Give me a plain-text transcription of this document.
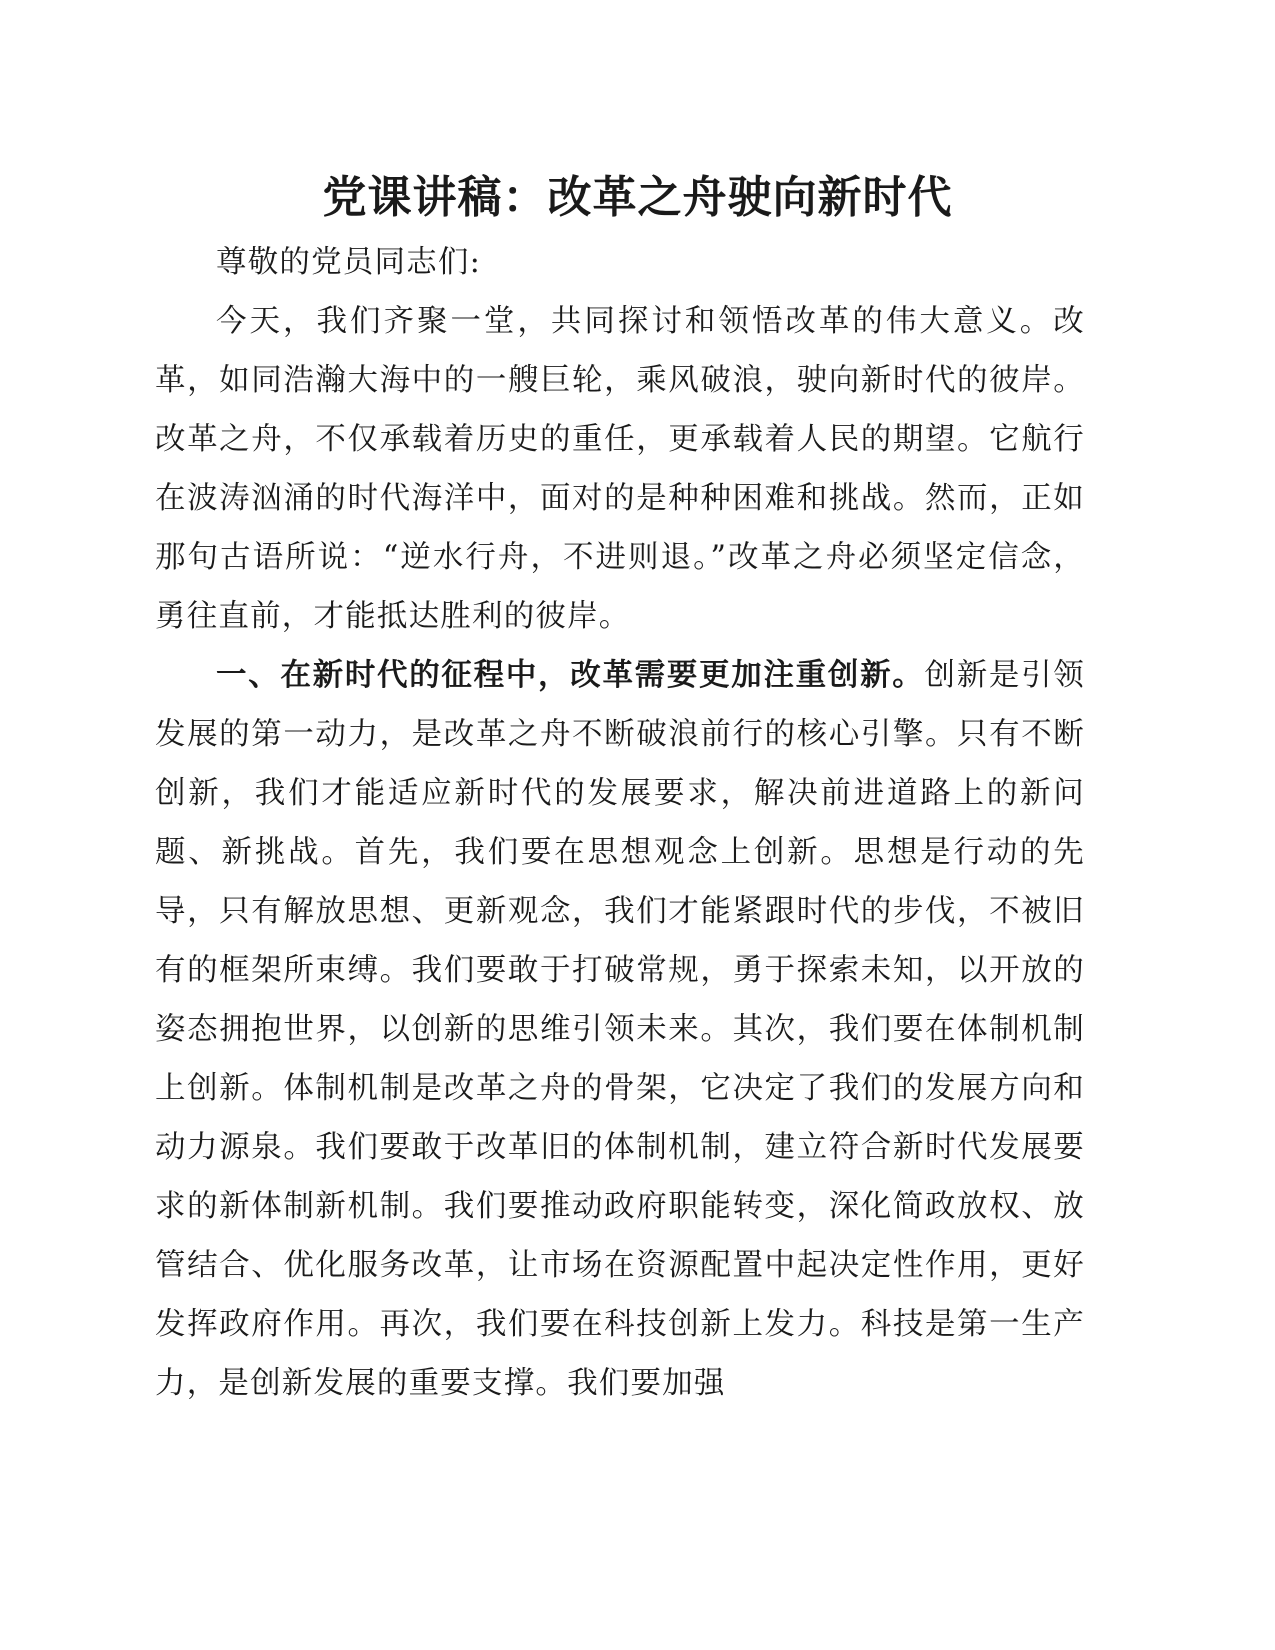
党课讲稿：改革之舟驶向新时代

尊敬的党员同志们:

今天，我们齐聚一堂，共同探讨和领悟改革的伟大意义。改革，如同浩瀚大海中的一艘巨轮，乘风破浪，驶向新时代的彼岸。改革之舟，不仅承载着历史的重任，更承载着人民的期望。它航行在波涛汹涌的时代海洋中，面对的是种种困难和挑战。然而，正如那句古语所说：“逆水行舟，不进则退。”改革之舟必须坚定信念，勇往直前，才能抵达胜利的彼岸。

一、在新时代的征程中，改革需要更加注重创新。创新是引领发展的第一动力，是改革之舟不断破浪前行的核心引擎。只有不断创新，我们才能适应新时代的发展要求，解决前进道路上的新问题、新挑战。首先，我们要在思想观念上创新。思想是行动的先导，只有解放思想、更新观念，我们才能紧跟时代的步伐，不被旧有的框架所束缚。我们要敢于打破常规，勇于探索未知，以开放的姿态拥抱世界，以创新的思维引领未来。其次，我们要在体制机制上创新。体制机制是改革之舟的骨架，它决定了我们的发展方向和动力源泉。我们要敢于改革旧的体制机制，建立符合新时代发展要求的新体制新机制。我们要推动政府职能转变，深化简政放权、放管结合、优化服务改革，让市场在资源配置中起决定性作用，更好发挥政府作用。再次，我们要在科技创新上发力。科技是第一生产力，是创新发展的重要支撑。我们要加强
